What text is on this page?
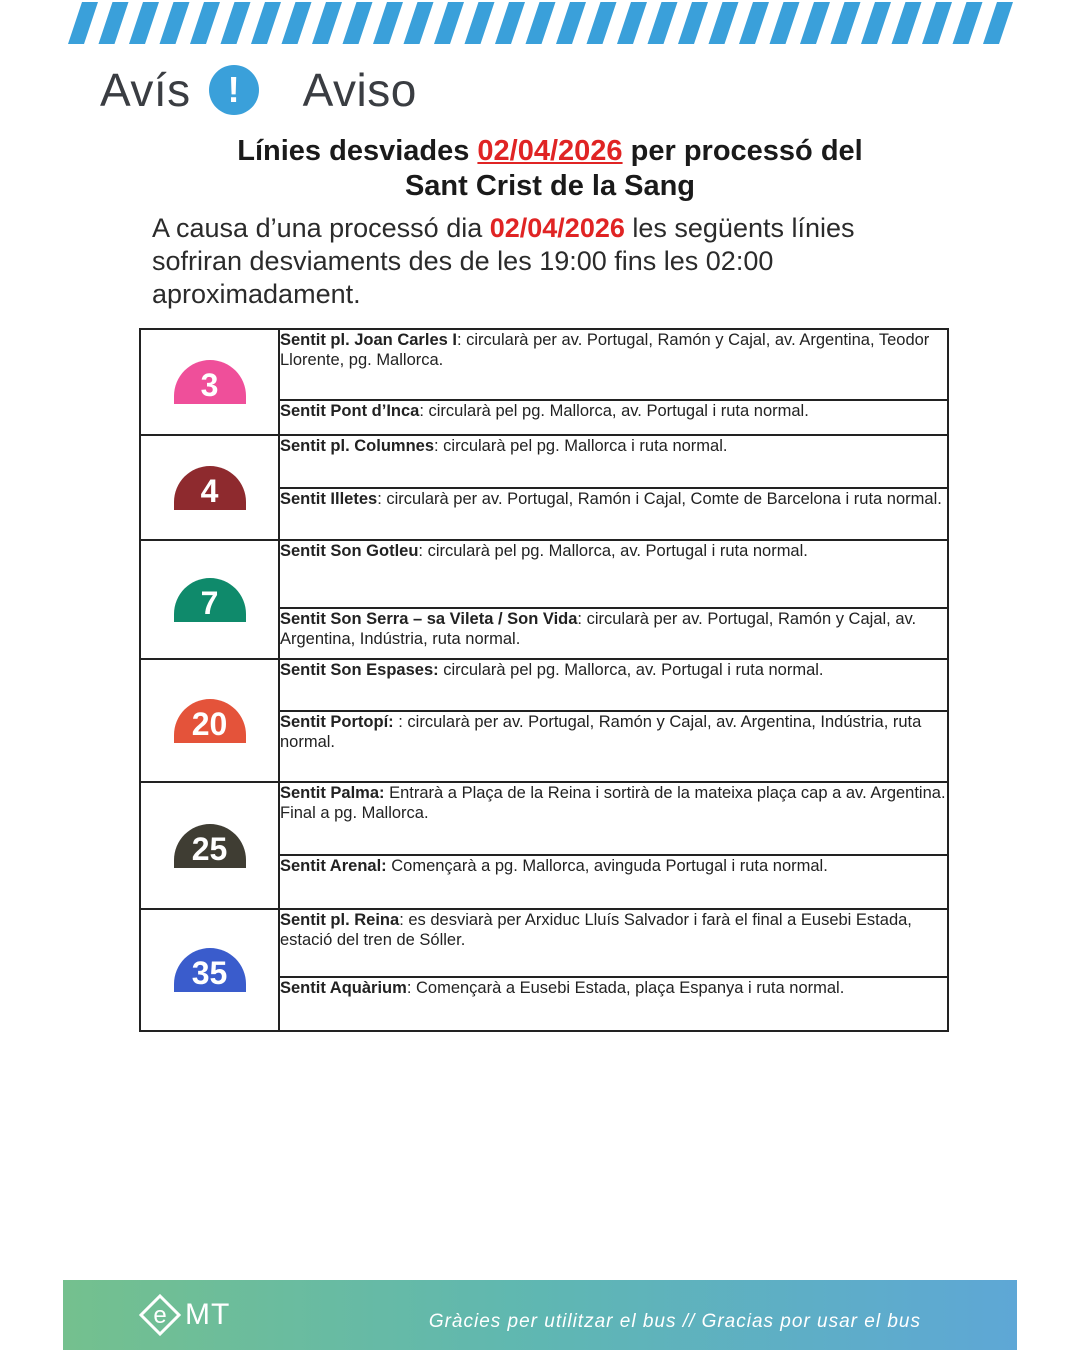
Avís	!	Aviso
Línies desviades 02/04/2026 per processó del
Sant Crist de la Sang
A causa d’una processó dia 02/04/2026 les següents línies sofriran desviaments des de les 19:00 fins les 02:00 aproximadament.
3	Sentit pl. Joan Carles I: circularà per av. Portugal, Ramón y Cajal, av. Argentina, Teodor Llorente, pg. Mallorca.
	Sentit Pont d’Inca: circularà pel pg. Mallorca, av. Portugal i ruta normal.
4	Sentit pl. Columnes: circularà pel pg. Mallorca i ruta normal.
	Sentit Illetes: circularà per av. Portugal, Ramón i Cajal, Comte de Barcelona i ruta normal.
7	Sentit Son Gotleu: circularà pel pg. Mallorca, av. Portugal i ruta normal.
	Sentit Son Serra – sa Vileta / Son Vida: circularà per av. Portugal, Ramón y Cajal, av. Argentina, Indústria, ruta normal.
20	Sentit Son Espases: circularà pel pg. Mallorca, av. Portugal i ruta normal.
	Sentit Portopí: : circularà per av. Portugal, Ramón y Cajal, av. Argentina, Indústria, ruta normal.
25	Sentit Palma: Entrarà a Plaça de la Reina i sortirà de la mateixa plaça cap a av. Argentina. Final a pg. Mallorca.
	Sentit Arenal: Començarà a pg. Mallorca, avinguda Portugal i ruta normal.
35	Sentit pl. Reina: es desviarà per Arxiduc Lluís Salvador i farà el final a Eusebi Estada, estació del tren de Sóller.
	Sentit Aquàrium: Començarà a Eusebi Estada, plaça Espanya i ruta normal.
e MT	Gràcies per utilitzar el bus // Gracias por usar el bus
